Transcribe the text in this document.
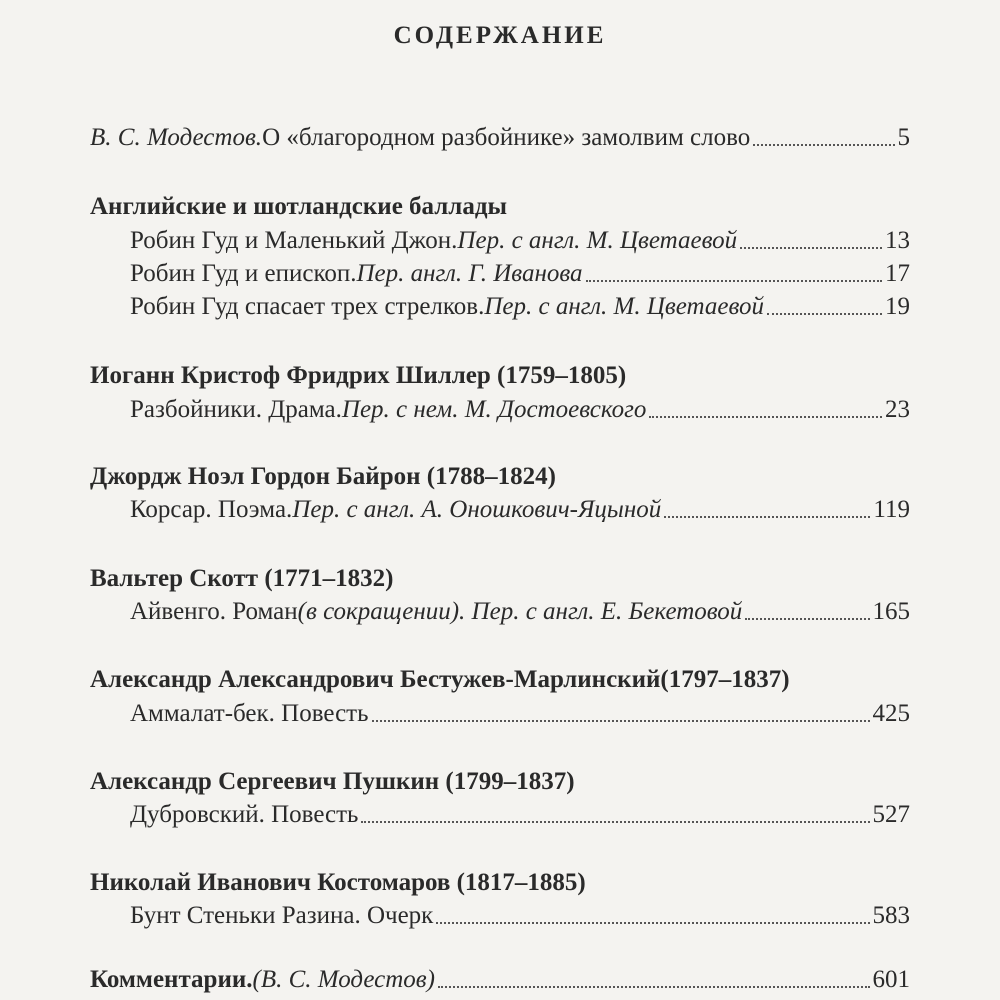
СОДЕРЖАНИЕ
В. С. Модестов. О «благородном разбойнике» замолвим слово	5
Английские и шотландские баллады
Робин Гуд и Маленький Джон. Пер. с англ. М. Цветаевой	13
Робин Гуд и епископ. Пер. англ. Г. Иванова	17
Робин Гуд спасает трех стрелков. Пер. с англ. М. Цветаевой	19
Иоганн Кристоф Фридрих Шиллер (1759–1805)
Разбойники. Драма. Пер. с нем. М. Достоевского	23
Джордж Ноэл Гордон Байрон (1788–1824)
Корсар. Поэма. Пер. с англ. А. Оношкович-Яцыной	119
Вальтер Скотт (1771–1832)
Айвенго. Роман (в сокращении). Пер. с англ. Е. Бекетовой	165
Александр Александрович Бестужев-Марлинский(1797–1837)
Аммалат-бек. Повесть	425
Александр Сергеевич Пушкин (1799–1837)
Дубровский. Повесть	527
Николай Иванович Костомаров (1817–1885)
Бунт Стеньки Разина. Очерк	583
Комментарии. (В. С. Модестов)	601
